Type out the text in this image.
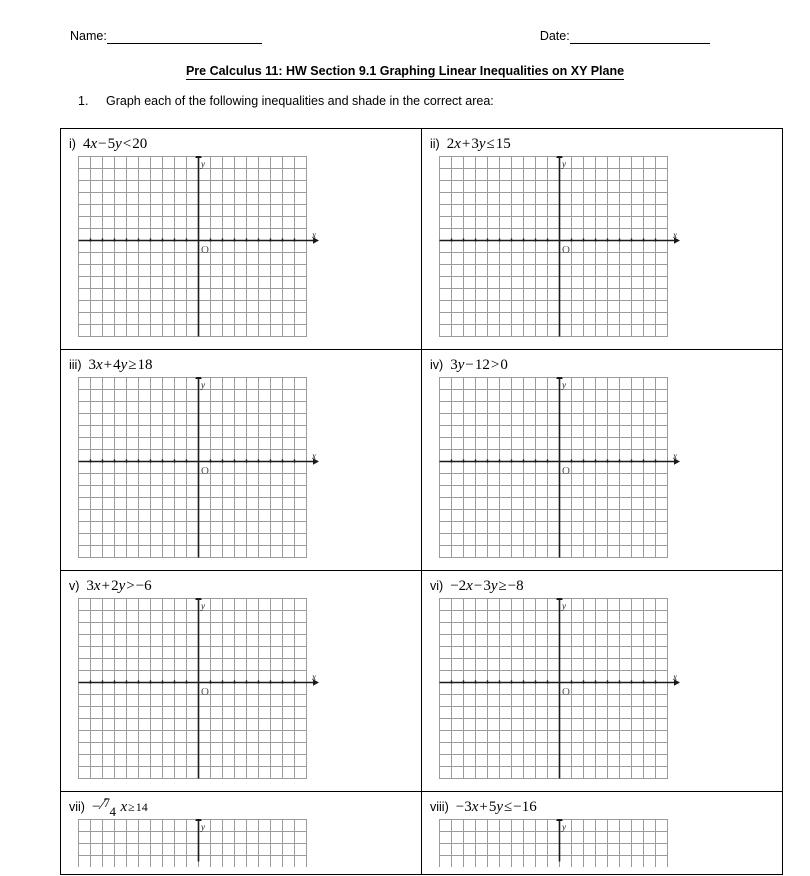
Name:	Date:
Pre Calculus 11: HW Section 9.1 Graphing Linear Inequalities on XY Plane
1.	Graph each of the following inequalities and shade in the correct area:
i) 4x−5y<20
x
y
O

ii) 2x+3y≤15
x
y
O

iii) 3x+4y≥18
x
y
O

iv) 3y−12>0
x
y
O

v) 3x+2y>−6
x
y
O

vi) −2x−3y≥−8
x
y
O

vii) − 7
⁄ 4 x≥14
y

viii) −3x+5y≤−16
y
